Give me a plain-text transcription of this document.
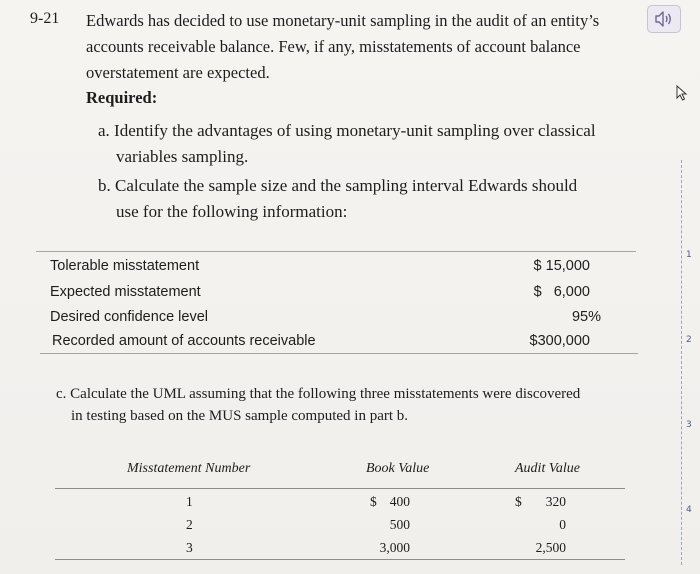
9-21 Edwards has decided to use monetary-unit sampling in the audit of an entity’s
accounts receivable balance. Few, if any, misstatements of account balance
overstatement are expected.
Required:
a. Identify the advantages of using monetary-unit sampling over classical
variables sampling.
b. Calculate the sample size and the sampling interval Edwards should
use for the following information:
Tolerable misstatement	$ 15,000
Expected misstatement	$   6,000
Desired confidence level	95%
Recorded amount of accounts receivable	$300,000
c. Calculate the UML assuming that the following three misstatements were discovered
in testing based on the MUS sample computed in part b.
Misstatement Number	Book Value	Audit Value
1	$ 400	$	320
2	500	0
3	3,000	2,500
1
2
3
4
